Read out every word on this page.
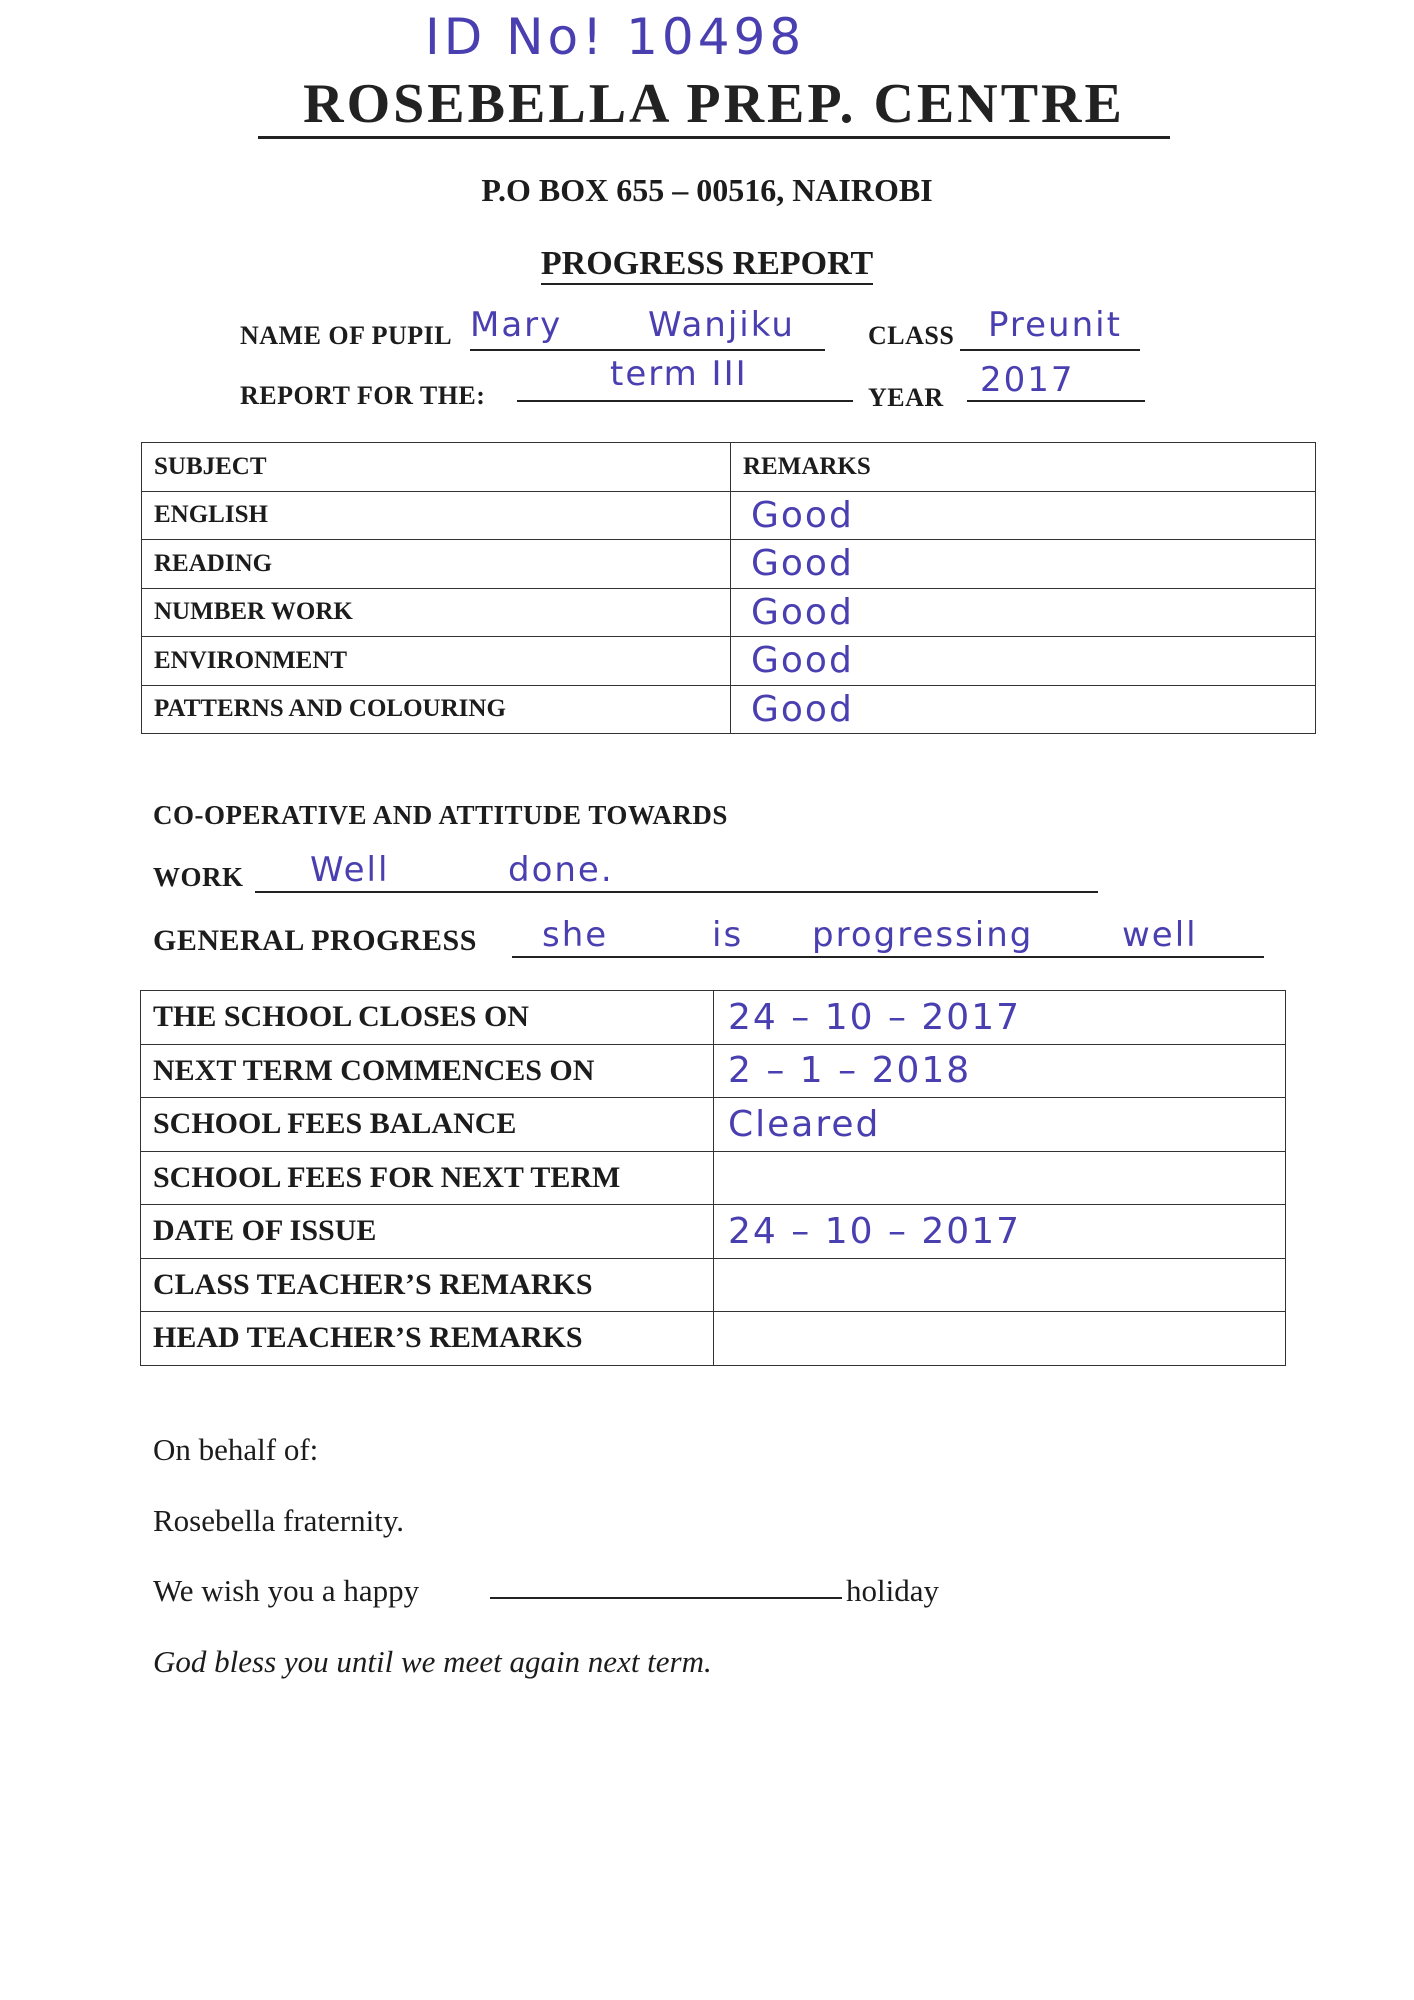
ID No! 10498
ROSEBELLA PREP. CENTRE
P.O BOX 655 – 00516, NAIROBI
PROGRESS REPORT
NAME OF PUPIL Mary	Wanjiku	CLASS Preunit
REPORT FOR THE:
term III
YEAR 2017
SUBJECT	REMARKS
ENGLISH	Good
READING	Good
NUMBER WORK	Good
ENVIRONMENT	Good
PATTERNS AND COLOURING	Good
CO-OPERATIVE AND ATTITUDE TOWARDS
WORK Well	done.
GENERAL PROGRESS she	is progressing	well
THE SCHOOL CLOSES ON	24 – 10 – 2017
NEXT TERM COMMENCES ON	2 – 1 – 2018
SCHOOL FEES BALANCE	Cleared
SCHOOL FEES FOR NEXT TERM	
DATE OF ISSUE	24 – 10 – 2017
CLASS TEACHER’S REMARKS	
HEAD TEACHER’S REMARKS	
On behalf of:
Rosebella fraternity.
We wish you a happy	holiday
God bless you until we meet again next term.
